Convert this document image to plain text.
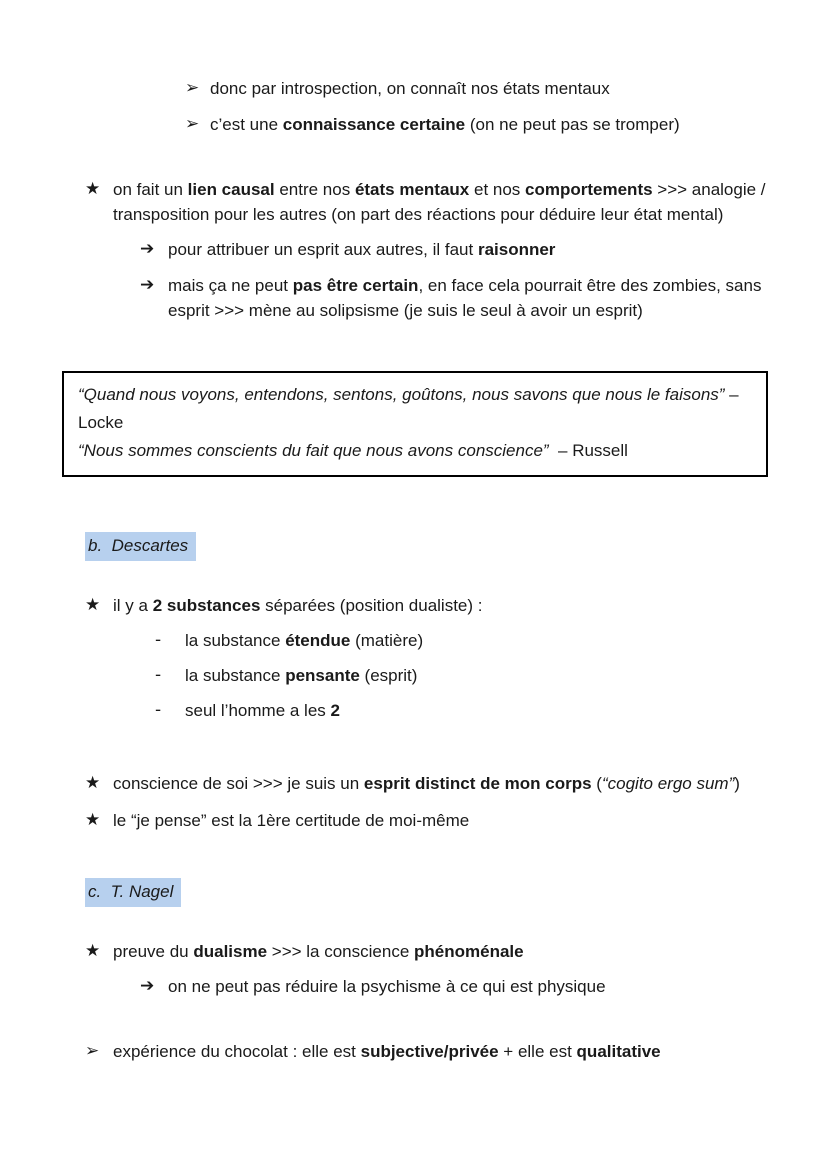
➢ donc par introspection, on connaît nos états mentaux
➢ c’est une connaissance certaine (on ne peut pas se tromper)
★ on fait un lien causal entre nos états mentaux et nos comportements >>> analogie / transposition pour les autres (on part des réactions pour déduire leur état mental)
➔ pour attribuer un esprit aux autres, il faut raisonner
➔ mais ça ne peut pas être certain, en face cela pourrait être des zombies, sans esprit >>> mène au solipsisme (je suis le seul à avoir un esprit)

“Quand nous voyons, entendons, sentons, goûtons, nous savons que nous le faisons” – Locke

“Nous sommes conscients du fait que nous avons conscience”  – Russell

b.  Descartes
★ il y a 2 substances séparées (position dualiste) :
-	la substance étendue (matière)
-	la substance pensante (esprit)
-	seul l’homme a les 2
★ conscience de soi >>> je suis un esprit distinct de mon corps (“cogito ergo sum”)
★ le “je pense” est la 1ère certitude de moi-même
c.  T. Nagel
★ preuve du dualisme >>> la conscience phénoménale
➔ on ne peut pas réduire la psychisme à ce qui est physique
➢ expérience du chocolat : elle est subjective/privée + elle est qualitative
